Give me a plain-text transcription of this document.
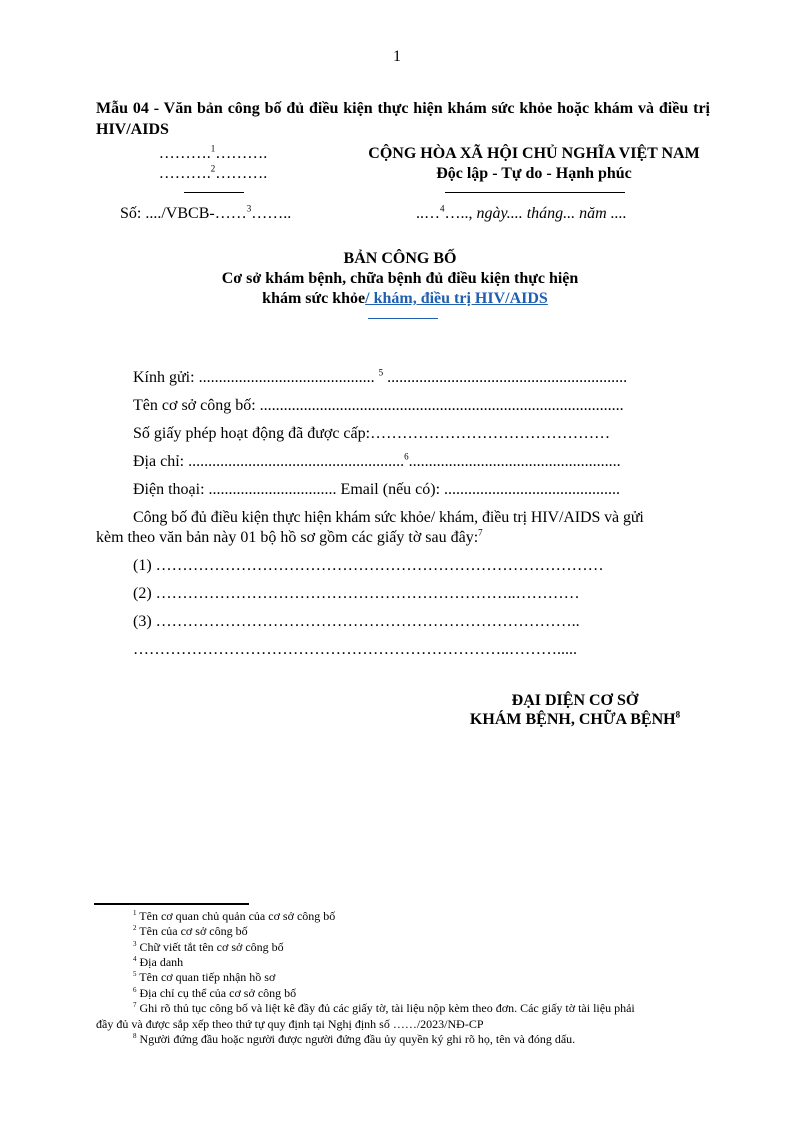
1
Mẫu 04 - Văn bản công bố đủ điều kiện thực hiện khám sức khỏe hoặc khám và điều trị HIV/AIDS
……….$^1$……….
……….$^2$……….
Số: ..../VBCB-……$^3$……..
CỘNG HÒA XÃ HỘI CHỦ NGHĨA VIỆT NAM
Độc lập - Tự do - Hạnh phúc
..…$^4$….., ngày.... tháng... năm ....
BẢN CÔNG BỐ
Cơ sở khám bệnh, chữa bệnh đủ điều kiện thực hiện
khám sức khỏe/ khám, điều trị HIV/AIDS
Kính gửi: ............................................ $^5$ ............................................................
Tên cơ sở công bố: ...........................................................................................
Số giấy phép hoạt động đã được cấp:………………………………………
Địa chỉ: ......................................................$^6$.....................................................
Điện thoại: ................................ Email (nếu có): ............................................
Công bố đủ điều kiện thực hiện khám sức khỏe/ khám, điều trị HIV/AIDS và gửi
kèm theo văn bản này 01 bộ hồ sơ gồm các giấy tờ sau đây:$^7$
(1) …………………………………………………………………………
(2) …………………………………………………………..…………
(3) ……………………………………………………………………..
……………………………………………………………..……….....
ĐẠI DIỆN CƠ SỞ
KHÁM BỆNH, CHỮA BỆNH$^8$
$^1$ Tên cơ quan chủ quản của cơ sở công bố
$^2$ Tên của cơ sở công bố
$^3$ Chữ viết tắt tên cơ sở công bố
$^4$ Địa danh
$^5$ Tên cơ quan tiếp nhận hồ sơ
$^6$ Địa chỉ cụ thể của cơ sở công bố
$^7$ Ghi rõ thủ tục công bố và liệt kê đầy đủ các giấy tờ, tài liệu nộp kèm theo đơn. Các giấy tờ tài liệu phải
đầy đủ và được sắp xếp theo thứ tự quy định tại Nghị định số ……/2023/NĐ-CP
$^8$ Người đứng đầu hoặc người được người đứng đầu ủy quyền ký ghi rõ họ, tên và đóng dấu.
